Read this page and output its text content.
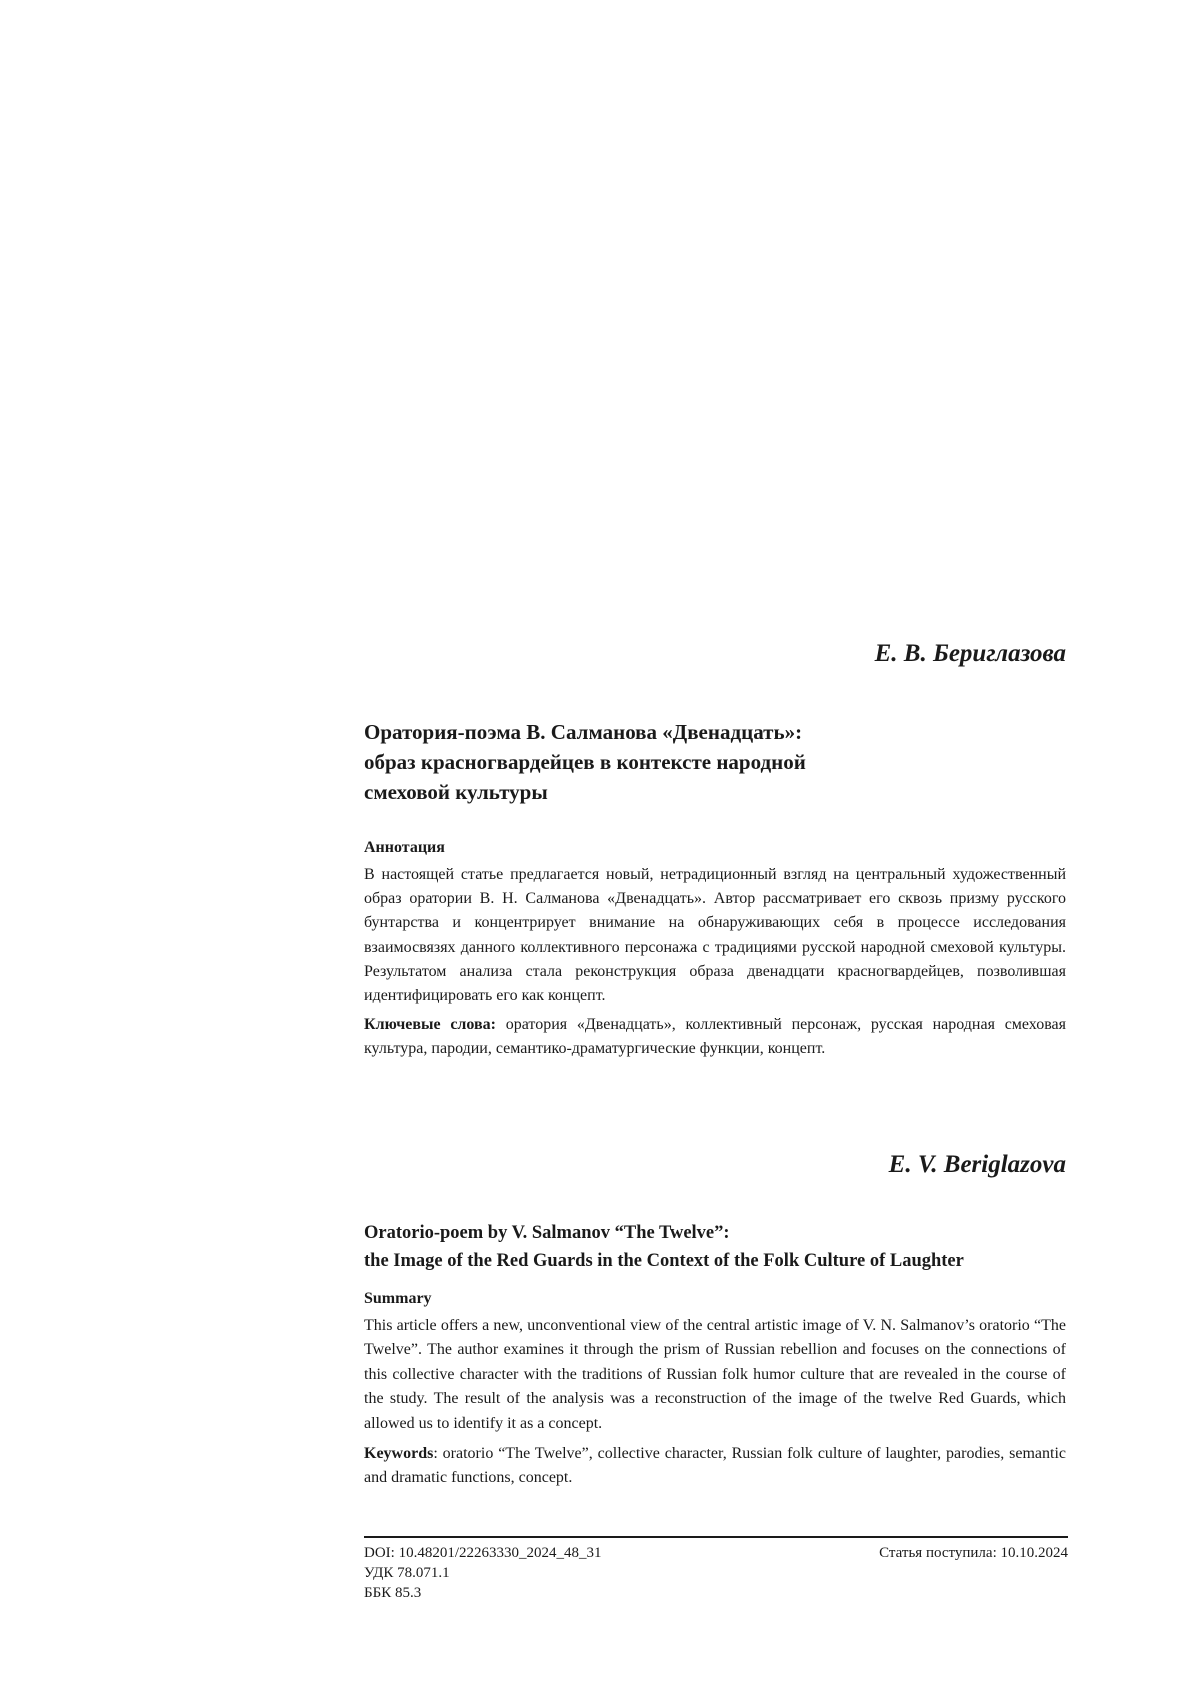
Е. В. Бериглазова

Оратория-поэма В. Салманова «Двенадцать»:
образ красногвардейцев в контексте народной
смеховой культуры

Аннотация

В настоящей статье предлагается новый, нетрадиционный взгляд на центральный художественный образ оратории В. Н. Салманова «Двенадцать». Автор рассматривает его сквозь призму русского бунтарства и концентрирует внимание на обнаруживающих себя в процессе исследования взаимосвязях данного коллективного персонажа с традициями русской народной смеховой культуры. Результатом анализа стала реконструкция образа двенадцати красногвардейцев, позволившая идентифицировать его как концепт.

Ключевые слова: оратория «Двенадцать», коллективный персонаж, русская народная смеховая культура, пародии, семантико-драматургические функции, концепт.

E. V. Beriglazova

Oratorio-poem by V. Salmanov “The Twelve”:
the Image of the Red Guards in the Context of the Folk Culture of Laughter

Summary

This article offers a new, unconventional view of the central artistic image of V. N. Salmanov’s oratorio “The Twelve”. The author examines it through the prism of Russian rebellion and focuses on the connections of this collective character with the traditions of Russian folk humor culture that are revealed in the course of the study. The result of the analysis was a reconstruction of the image of the twelve Red Guards, which allowed us to identify it as a concept.

Keywords: oratorio “The Twelve”, collective character, Russian folk culture of laughter, parodies, semantic and dramatic functions, concept.

DOI: 10.48201/22263330_2024_48_31	Статья поступила: 10.10.2024
УДК 78.071.1
ББК 85.3
